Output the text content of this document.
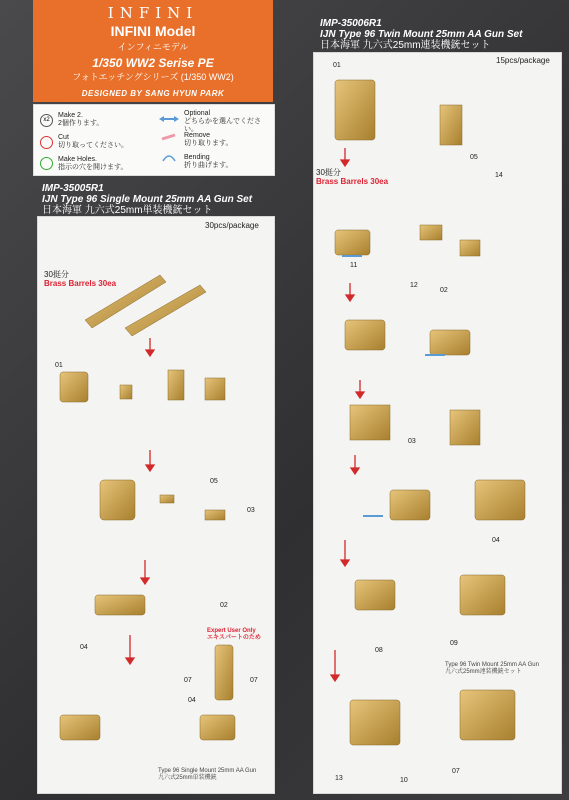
INFINI
INFINI Model
インフィニモデル
1/350 WW2 Serise PE
フォトエッチングシリーズ (1/350 WW2)
DESIGNED BY SANG HYUN PARK
x2
Make 2.
2個作ります。
Cut
切り取ってください。
Make Holes.
指示の穴を開けます。
Optional
どちらかを選んでください。
Remove
切り取ります。
Bending
折り曲げます。
IMP-35005R1
IJN Type 96 Single Mount 25mm AA Gun Set
日本海軍 九六式25mm単装機銃セット
IMP-35006R1
IJN Type 96 Twin Mount 25mm AA Gun Set
日本海軍 九六式25mm連装機銃セット
30pcs/package
15pcs/package
30挺分
Brass Barrels 30ea
30挺分
Brass Barrels 30ea
01
05
03
02
04
07	07
04
Expert User Only
エキスパートのため
Type 96 Single Mount 25mm AA Gun
九六式25mm単装機銃
01
05
14
11
12
02
03
04
09
08
13	10
07
Type 96 Twin Mount 25mm AA Gun
九六式25mm連装機銃セット
